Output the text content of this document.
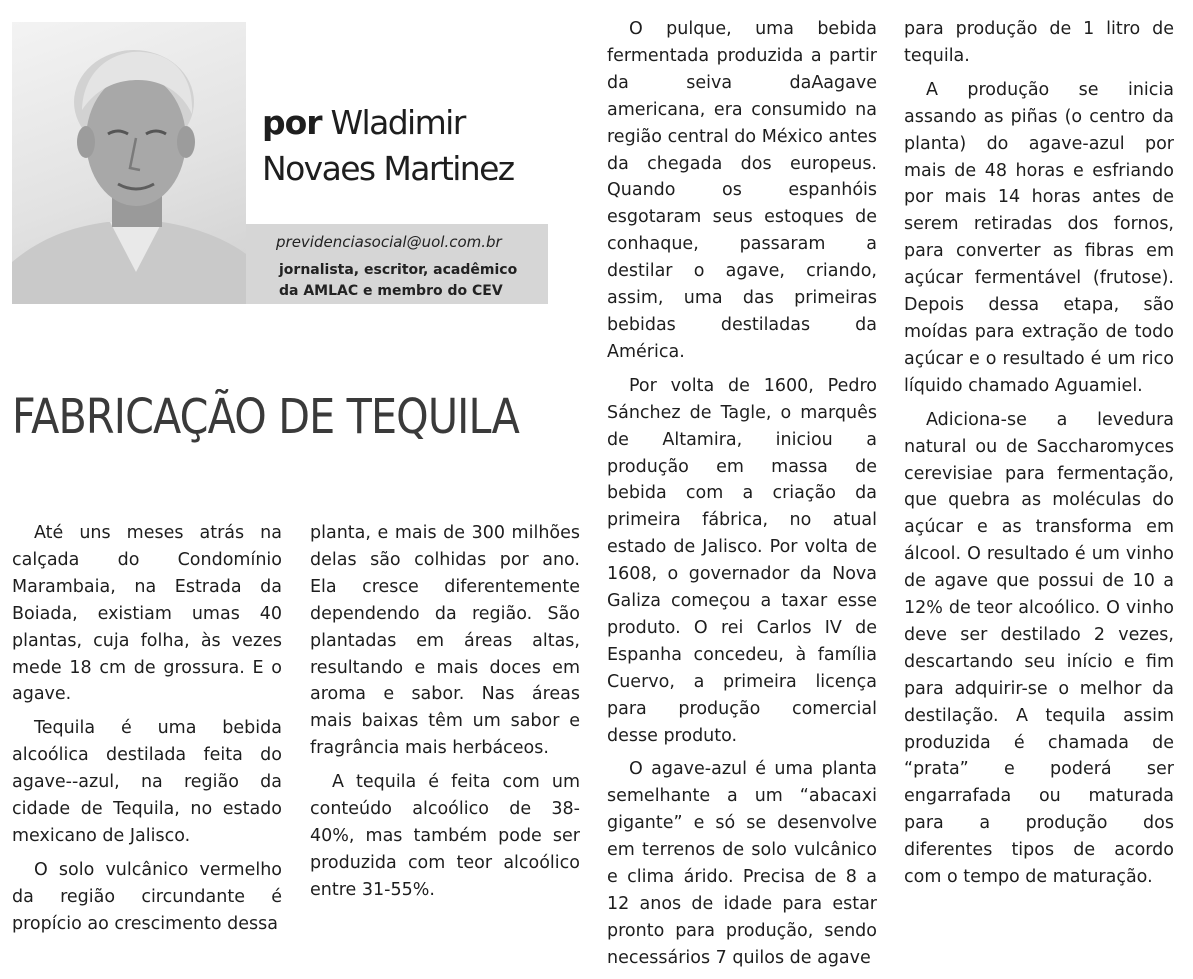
por Wladimir Novaes Martinez
previdenciasocial@uol.com.br
jornalista, escritor, acadêmico da AMLAC e membro do CEV
FABRICAÇÃO DE TEQUILA

Até uns meses atrás na calçada do Condomínio Marambaia, na Estrada da Boiada, existiam umas 40 plantas, cuja folha, às vezes mede 18 cm de grossura. E o agave.

Tequila é uma bebida alcoólica destilada feita do agave--azul, na região da cidade de Tequila, no estado mexicano de Jalisco.

O solo vulcânico vermelho da região circundante é propício ao crescimento dessa

planta, e mais de 300 milhões delas são colhidas por ano. Ela cresce diferentemente dependendo da região. São plantadas em áreas altas, resultando e mais doces em aroma e sabor. Nas áreas mais baixas têm um sabor e fragrância mais herbáceos.

A tequila é feita com um conteúdo alcoólico de 38-40%, mas também pode ser produzida com teor alcoólico entre 31-55%.

O pulque, uma bebida fermentada produzida a partir da seiva daAagave americana, era consumido na região central do México antes da chegada dos europeus. Quando os espanhóis esgotaram seus estoques de conhaque, passaram a destilar o agave, criando, assim, uma das primeiras bebidas destiladas da América.

Por volta de 1600, Pedro Sánchez de Tagle, o marquês de Altamira, iniciou a produção em massa de bebida com a criação da primeira fábrica, no atual estado de Jalisco. Por volta de 1608, o governador da Nova Galiza começou a taxar esse produto. O rei Carlos IV de Espanha concedeu, à família Cuervo, a primeira licença para produção comercial desse produto.

O agave-azul é uma planta semelhante a um “abacaxi gigante” e só se desenvolve em terrenos de solo vulcânico e clima árido. Precisa de 8 a 12 anos de idade para estar pronto para produção, sendo necessários 7 quilos de agave

para produção de 1 litro de tequila.

A produção se inicia assando as piñas (o centro da planta) do agave-azul por mais de 48 horas e esfriando por mais 14 horas antes de serem retiradas dos fornos, para converter as fibras em açúcar fermentável (frutose). Depois dessa etapa, são moídas para extração de todo açúcar e o resultado é um rico líquido chamado Aguamiel.

Adiciona-se a levedura natural ou de Saccharomyces cerevisiae para fermentação, que quebra as moléculas do açúcar e as transforma em álcool. O resultado é um vinho de agave que possui de 10 a 12% de teor alcoólico. O vinho deve ser destilado 2 vezes, descartando seu início e fim para adquirir-se o melhor da destilação. A tequila assim produzida é chamada de “prata” e poderá ser engarrafada ou maturada para a produção dos diferentes tipos de acordo com o tempo de maturação.
